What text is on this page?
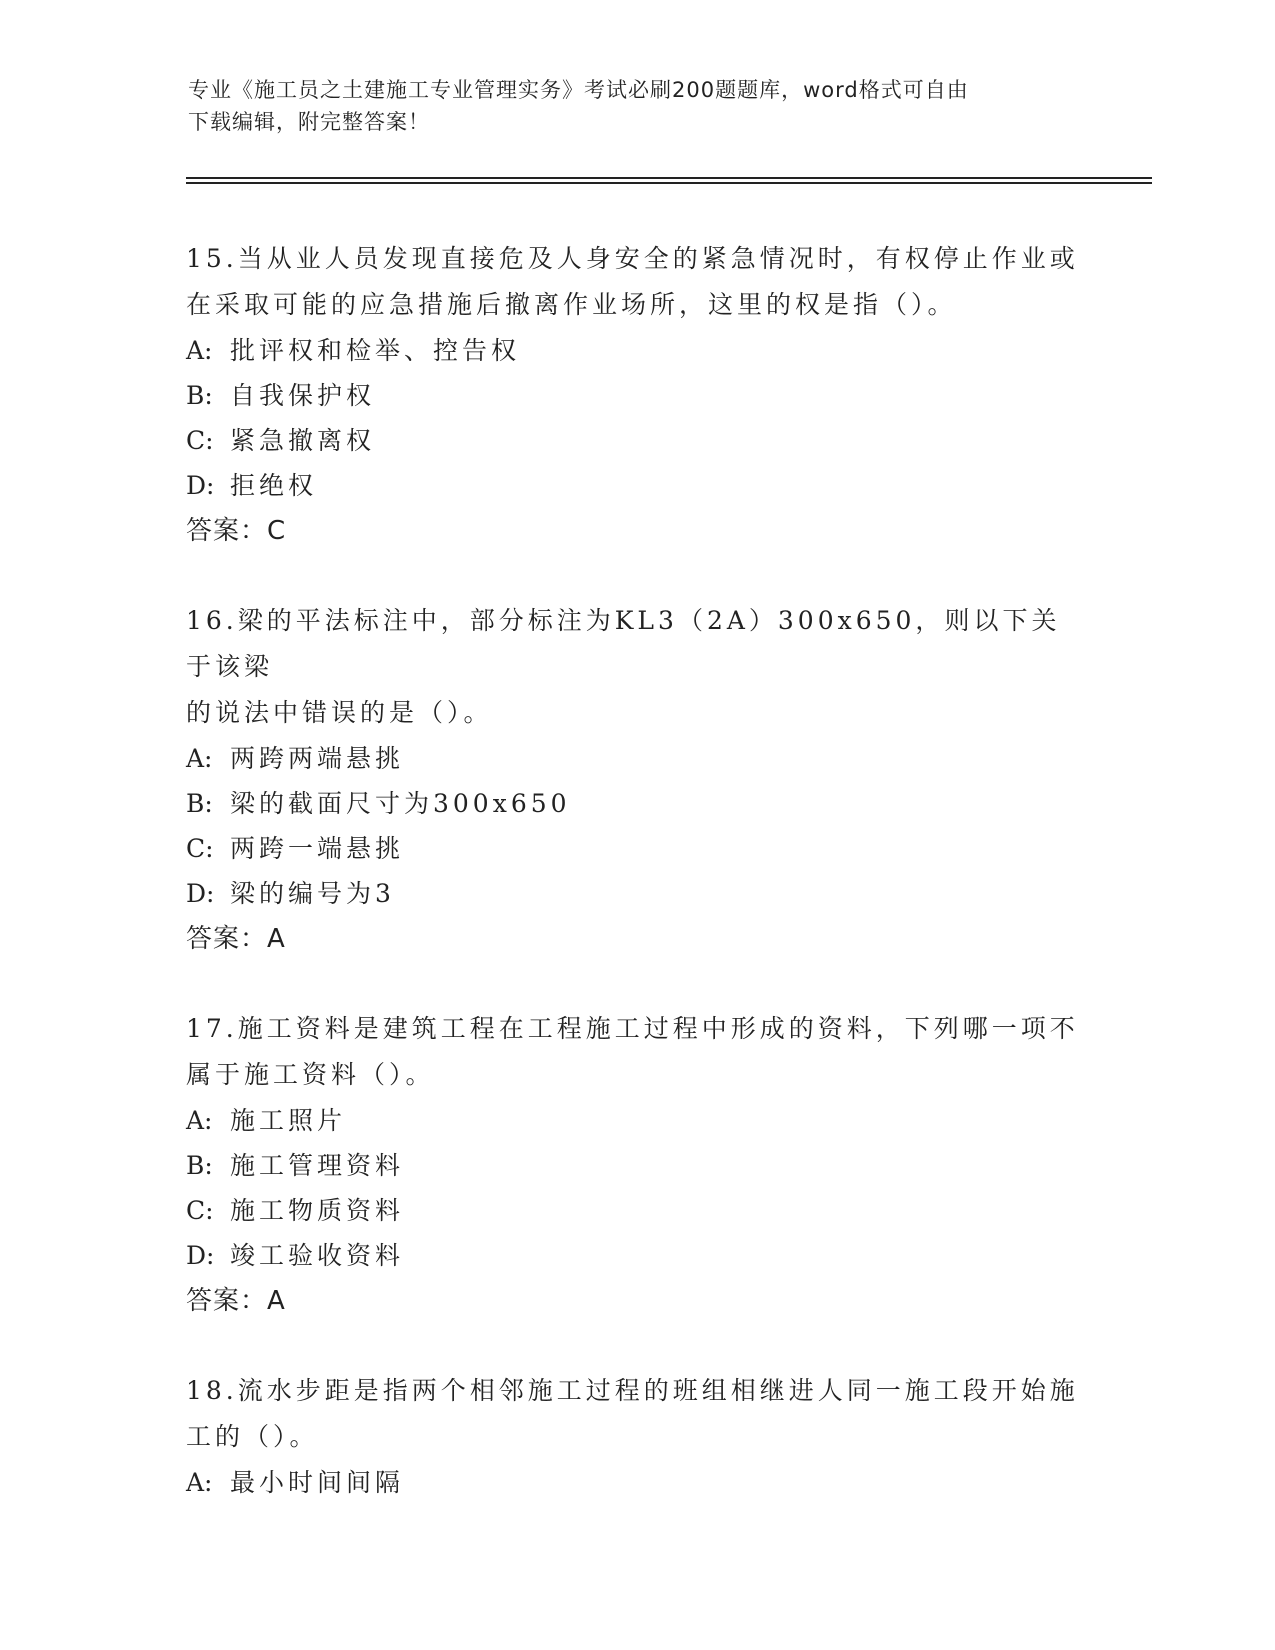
专业《施工员之土建施工专业管理实务》考试必刷200题题库，word格式可自由
下载编辑，附完整答案！

15.当从业人员发现直接危及人身安全的紧急情况时，有权停止作业或
在采取可能的应急措施后撤离作业场所，这里的权是指（）。

A: 批评权和检举、控告权
B: 自我保护权
C: 紧急撤离权
D: 拒绝权
答案：C

16.梁的平法标注中，部分标注为KL3（2A）300x650，则以下关于该梁
的说法中错误的是（）。

A: 两跨两端悬挑
B: 梁的截面尺寸为300x650
C: 两跨一端悬挑
D: 梁的编号为3
答案：A

17.施工资料是建筑工程在工程施工过程中形成的资料，下列哪一项不
属于施工资料（）。

A: 施工照片
B: 施工管理资料
C: 施工物质资料
D: 竣工验收资料
答案：A

18.流水步距是指两个相邻施工过程的班组相继进人同一施工段开始施
工的（）。

A: 最小时间间隔
